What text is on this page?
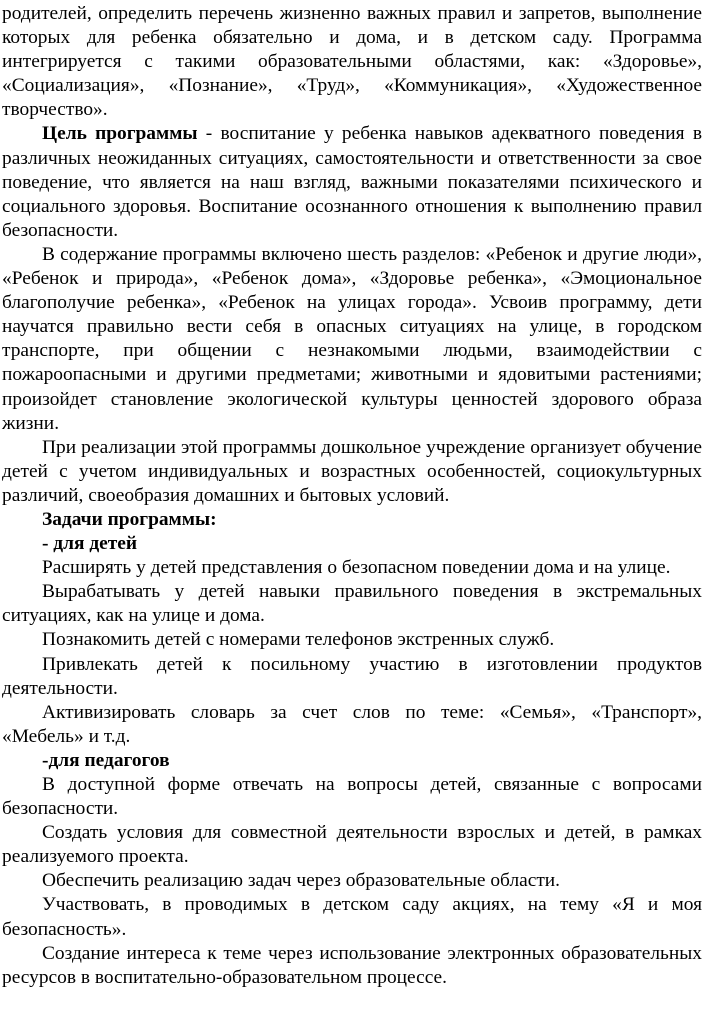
родителей, определить перечень жизненно важных правил и запретов, выполнение которых для ребенка обязательно и дома, и в детском саду. Программа интегрируется с такими образовательными областями, как: «Здоровье», «Социализация», «Познание», «Труд», «Коммуникация», «Художественное творчество».

Цель программы - воспитание у ребенка навыков адекватного поведения в различных неожиданных ситуациях, самостоятельности и ответственности за свое поведение, что является на наш взгляд, важными показателями психического и социального здоровья. Воспитание осознанного отношения к выполнению правил безопасности.

В содержание программы включено шесть разделов: «Ребенок и другие люди», «Ребенок и природа», «Ребенок дома», «Здоровье ребенка», «Эмоциональное благополучие ребенка», «Ребенок на улицах города». Усвоив программу, дети научатся правильно вести себя в опасных ситуациях на улице, в городском транспорте, при общении с незнакомыми людьми, взаимодействии с пожароопасными и другими предметами; животными и ядовитыми растениями; произойдет становление экологической культуры ценностей здорового образа жизни.

При реализации этой программы дошкольное учреждение организует обучение детей с учетом индивидуальных и возрастных особенностей, социокультурных различий, своеобразия домашних и бытовых условий.

Задачи программы:

- для детей

Расширять у детей представления о безопасном поведении дома и на улице.

Вырабатывать у детей навыки правильного поведения в экстремальных ситуациях, как на улице и дома.

Познакомить детей с номерами телефонов экстренных служб.

Привлекать детей к посильному участию в изготовлении продуктов деятельности.

Активизировать словарь за счет слов по теме: «Семья», «Транспорт», «Мебель» и т.д.

-для педагогов

В доступной форме отвечать на вопросы детей, связанные с вопросами безопасности.

Создать условия для совместной деятельности взрослых и детей, в рамках реализуемого проекта.

Обеспечить реализацию задач через образовательные области.

Участвовать, в проводимых в детском саду акциях, на тему «Я и моя безопасность».

Создание интереса к теме через использование электронных образовательных ресурсов в воспитательно-образовательном процессе.
